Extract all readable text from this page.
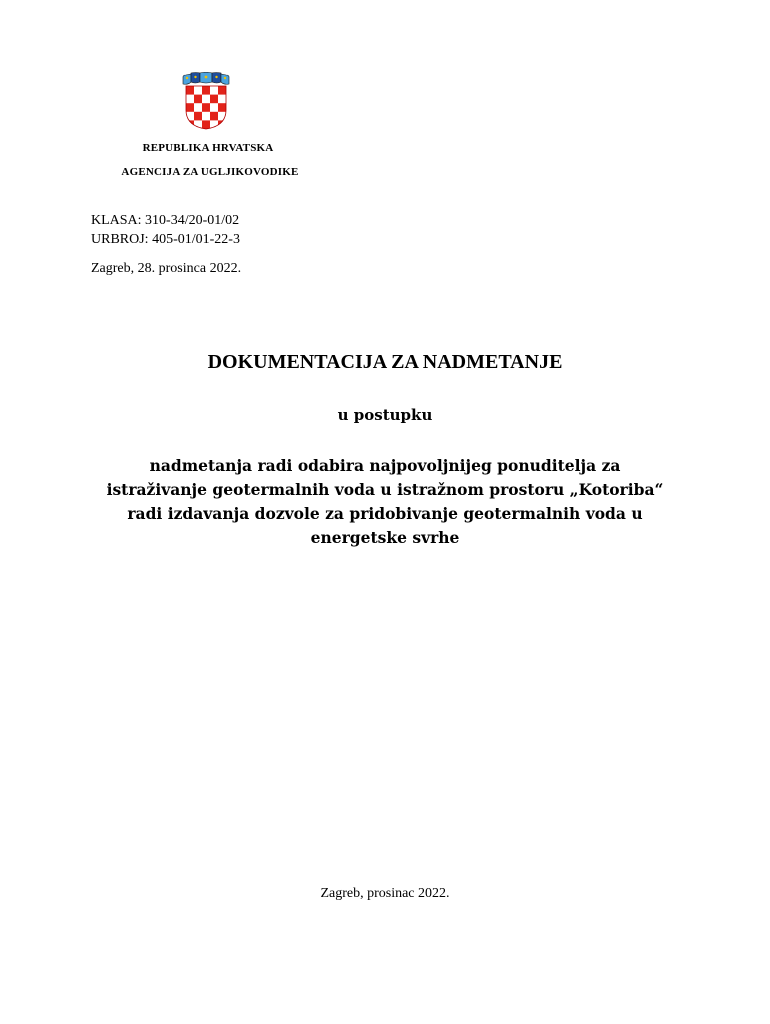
REPUBLIKA HRVATSKA
AGENCIJA ZA UGLJIKOVODIKE
KLASA: 310-34/20-01/02
URBROJ: 405-01/01-22-3
Zagreb, 28. prosinca 2022.
DOKUMENTACIJA ZA NADMETANJE
u postupku
nadmetanja radi odabira najpovoljnijeg ponuditelja za
istraživanje geotermalnih voda u istražnom prostoru „Kotoriba“
radi izdavanja dozvole za pridobivanje geotermalnih voda u
energetske svrhe
Zagreb, prosinac 2022.
